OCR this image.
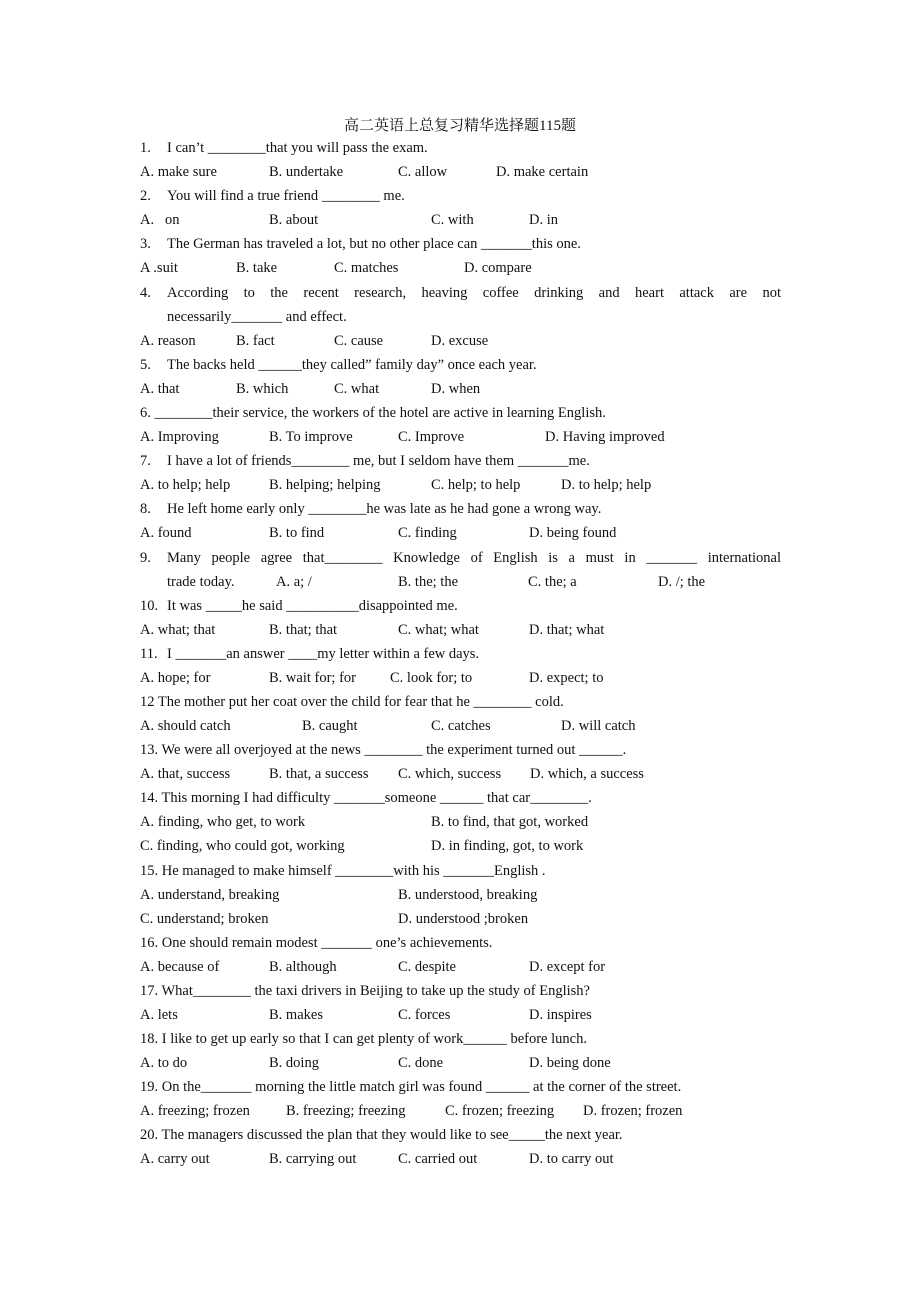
高二英语上总复习精华选择题115题
1. I can’t ________that you will pass the exam.
A. make sure	B. undertake	C. allow	D. make certain
2. You will find a true friend ________ me.
A.   on	B. about	C. with	D. in
3. The German has traveled a lot, but no other place can _______this one.
A .suit	B. take	C. matches	D. compare
4. According to the recent research, heaving coffee drinking and heart attack are not
necessarily_______ and effect.
A. reason	B. fact	C. cause	D. excuse
5. The backs held ______they called” family day” once each year.
A. that	B. which	C. what	D. when
6. ________their service, the workers of the hotel are active in learning English.
A. Improving	B. To improve	C. Improve	D. Having improved
7. I have a lot of friends________ me, but I seldom have them _______me.
A. to help; help	B. helping; helping	C. help; to help	D. to help; help
8. He left home early only ________he was late as he had gone a wrong way.
A. found	B. to find	C. finding	D. being found
9. Many people agree that________ Knowledge of English is a must in _______ international
trade today.	A. a; /	B. the; the	C. the; a	D. /; the
10. It was _____he said __________disappointed me.
A. what; that	B. that; that	C. what; what	D. that; what
11. I _______an answer ____my letter within a few days.
A. hope; for	B. wait for; for C. look for; to	D. expect; to
12 The mother put her coat over the child for fear that he ________ cold.
A. should catch	B. caught	C. catches	D. will catch
13. We were all overjoyed at the news ________ the experiment turned out ______.
A. that, success	B. that, a success C. which, success D. which, a success
14. This morning I had difficulty _______someone ______ that car________.
A. finding, who get, to work	B. to find, that got, worked
C. finding, who could got, working	D. in finding, got, to work
15. He managed to make himself ________with his _______English .
A. understand, breaking	B. understood, breaking
C. understand; broken	D. understood ;broken
16. One should remain modest _______ one’s achievements.
A. because of	B. although	C. despite	D. except for
17. What________ the taxi drivers in Beijing to take up the study of English?
A. lets	B. makes	C. forces	D. inspires
18. I like to get up early so that I can get plenty of work______ before lunch.
A. to do	B. doing	C. done	D. being done
19. On the_______ morning the little match girl was found ______ at the corner of the street.
A. freezing; frozen B. freezing; freezing	C. frozen; freezing D. frozen; frozen
20. The managers discussed the plan that they would like to see_____the next year.
A. carry out	B. carrying out	C. carried out	D. to carry out
